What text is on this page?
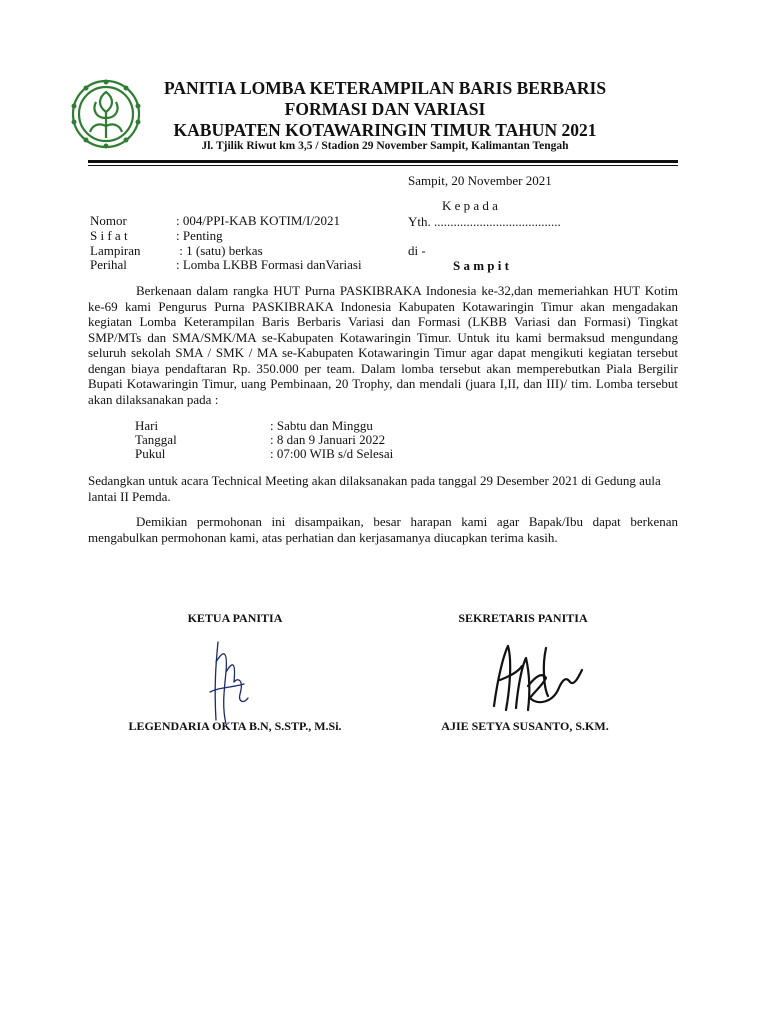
PANITIA LOMBA KETERAMPILAN BARIS BERBARIS
FORMASI DAN VARIASI
KABUPATEN KOTAWARINGIN TIMUR TAHUN 2021
Jl. Tjilik Riwut km 3,5 / Stadion 29 November Sampit, Kalimantan Tengah
Sampit, 20 November 2021
K e p a d a
Yth. .......................................
di -
S a m p i t
Nomor	: 004/PPI-KAB KOTIM/I/2021
S i f a t	: Penting
Lampiran	: 1 (satu) berkas
Perihal	: Lomba LKBB Formasi danVariasi
Berkenaan dalam rangka HUT Purna PASKIBRAKA Indonesia ke-32,dan memeriahkan HUT Kotim ke-69 kami Pengurus Purna PASKIBRAKA Indonesia Kabupaten Kotawaringin Timur akan mengadakan kegiatan Lomba Keterampilan Baris Berbaris Variasi dan Formasi (LKBB Variasi dan Formasi) Tingkat SMP/MTs dan SMA/SMK/MA se-Kabupaten Kotawaringin Timur. Untuk itu kami bermaksud mengundang seluruh sekolah SMA / SMK / MA se-Kabupaten Kotawaringin Timur agar dapat mengikuti kegiatan tersebut dengan biaya pendaftaran Rp. 350.000 per team. Dalam lomba tersebut akan memperebutkan Piala Bergilir Bupati Kotawaringin Timur, uang Pembinaan, 20 Trophy, dan mendali (juara I,II, dan III)/ tim. Lomba tersebut akan dilaksanakan pada :
Hari	: Sabtu dan Minggu
Tanggal	: 8 dan 9 Januari 2022
Pukul	: 07:00 WIB s/d Selesai
Sedangkan untuk acara Technical Meeting akan dilaksanakan pada tanggal 29 Desember 2021 di Gedung aula lantai II Pemda.
Demikian permohonan ini disampaikan, besar harapan kami agar Bapak/Ibu dapat berkenan mengabulkan permohonan kami, atas perhatian dan kerjasamanya diucapkan terima kasih.
KETUA PANITIA	SEKRETARIS PANITIA
LEGENDARIA OKTA B.N, S.STP., M.Si.	AJIE SETYA SUSANTO, S.KM.
